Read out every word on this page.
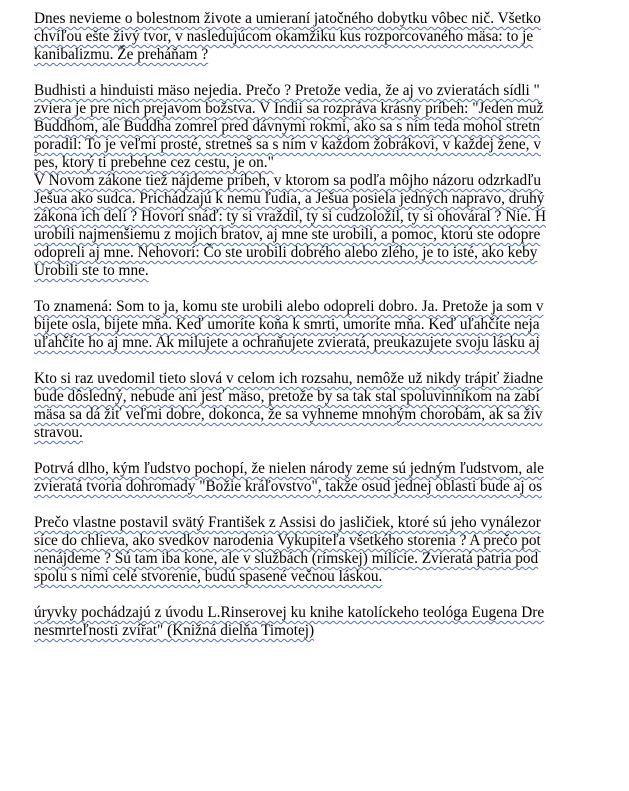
Dnes nevieme o bolestnom živote a umieraní jatočného dobytku vôbec nič. Všetko
chvíľou ešte živý tvor, v nasledujúcom okamžiku kus rozporcovaného mäsa: to je
kanibalizmu. Že preháňam ?
Budhisti a hinduisti mäso nejedia. Prečo ? Pretože vedia, že aj vo zvieratách sídli "
zviera je pre nich prejavom božstva. V Indii sa rozpráva krásny príbeh: "Jeden muž
Buddhom, ale Buddha zomrel pred dávnymi rokmi, ako sa s ním teda mohol stretn
poradil: To je veľmi prosté, stretneš sa s ním v každom žobrákovi, v každej žene, v
pes, ktorý ti prebehne cez cestu, je on."
V Novom zákone tiež nájdeme príbeh, v ktorom sa podľa môjho názoru odzrkadľu
Ješua ako sudca. Prichádzajú k nemu ľudia, a Ješua posiela jedných napravo, druhý
zákona ich delí ? Hovorí snáď: ty si vraždil, ty si cudzoložil, ty si ohováral ? Nie. H
urobili najmenšiemu z mojich bratov, aj mne ste urobili, a pomoc, ktorú ste odopre
odopreli aj mne. Nehovorí: Čo ste urobili dobrého alebo zlého, je to isté, ako keby
Urobili ste to mne.
To znamená: Som to ja, komu ste urobili alebo odopreli dobro. Ja. Pretože ja som v
bijete osla, bijete mňa. Keď umoríte koňa k smrti, umoríte mňa. Keď uľahčíte neja
uľahčíte ho aj mne. Ak milujete a ochraňujete zvieratá, preukazujete svoju lásku aj
Kto si raz uvedomil tieto slová v celom ich rozsahu, nemôže už nikdy trápiť žiadne
bude dôsledný, nebude ani jesť mäso, pretože by sa tak stal spoluvinníkom na zabí
mäsa sa dá žiť veľmi dobre, dokonca, že sa vyhneme mnohým chorobám, ak sa živ
stravou.
Potrvá dlho, kým ľudstvo pochopí, že nielen národy zeme sú jedným ľudstvom, ale
zvieratá tvoria dohromady "Božie kráľovstvo", takže osud jednej oblasti bude aj os
Prečo vlastne postavil svätý František z Assisi do jasličiek, ktoré sú jeho vynálezor
síce do chlieva, ako svedkov narodenia Vykupiteľa všetkého storenia ? A prečo pot
nenájdeme ? Sú tam iba kone, ale v službách (rímskej) milície. Zvieratá patria pod
spolu s nimi celé stvorenie, budú spasené večnou láskou.
úryvky pochádzajú z úvodu L.Rinserovej ku knihe katolíckeho teológa Eugena Dre
nesmrteľnosti zvířat" (Knižná dielňa Timotej)
